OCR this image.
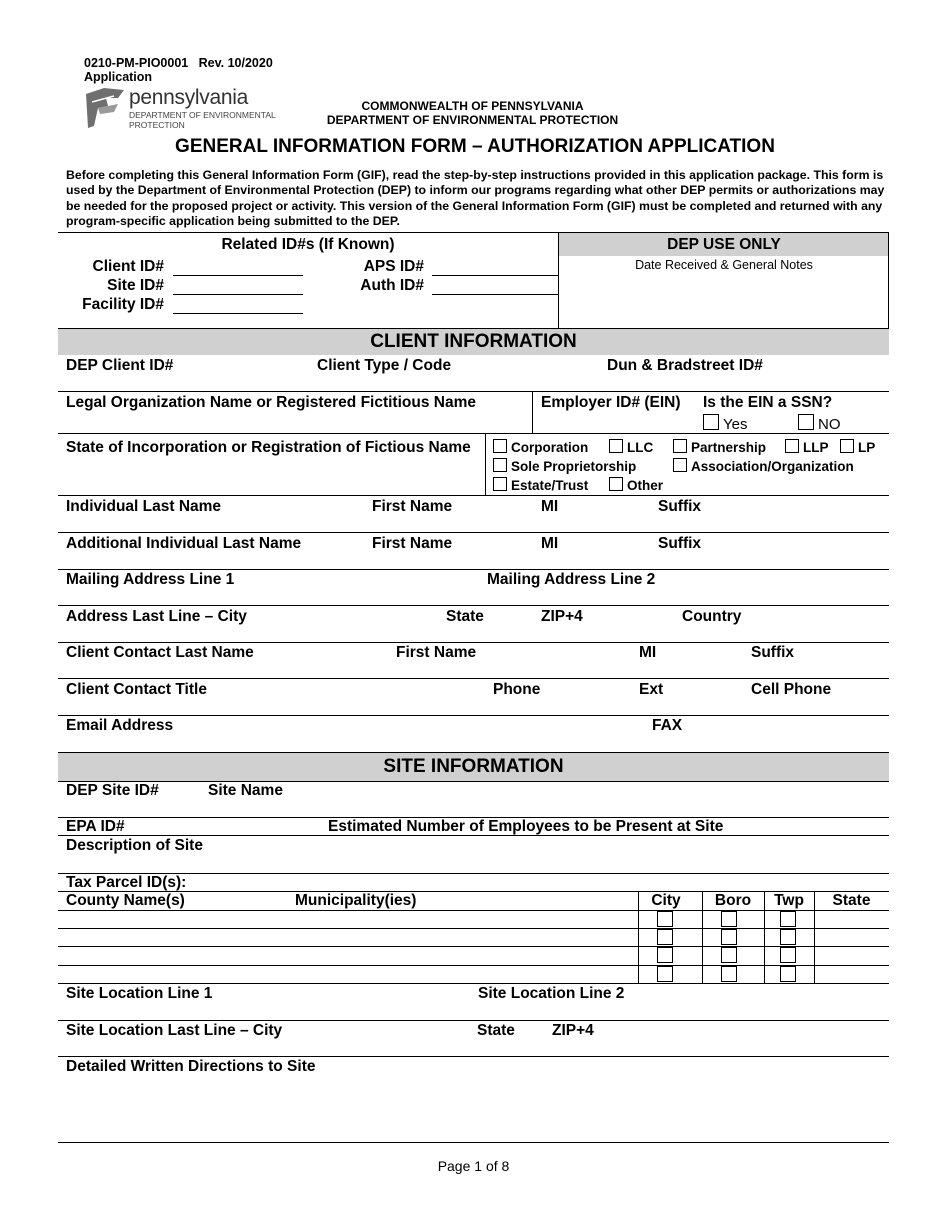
0210-PM-PIO0001 Rev. 10/2020
Application
pennsylvania
DEPARTMENT OF ENVIRONMENTAL
PROTECTION
COMMONWEALTH OF PENNSYLVANIA
DEPARTMENT OF ENVIRONMENTAL PROTECTION
GENERAL INFORMATION FORM – AUTHORIZATION APPLICATION
Before completing this General Information Form (GIF), read the step-by-step instructions provided in this application package. This form is used by the Department of Environmental Protection (DEP) to inform our programs regarding what other DEP permits or authorizations may be needed for the proposed project or activity. This version of the General Information Form (GIF) must be completed and returned with any program-specific application being submitted to the DEP.
DEP USE ONLY
Date Received & General Notes
Related ID#s (If Known)
Client ID#
Site ID#
Facility ID#
APS ID#
Auth ID#
CLIENT INFORMATION
DEP Client ID#	Client Type / Code	Dun & Bradstreet ID#
Legal Organization Name or Registered Fictitious Name	Employer ID# (EIN) Is the EIN a SSN?
Yes	NO
State of Incorporation or Registration of Fictious Name	Corporation	LLC	Partnership	LLP	LP
Sole Proprietorship	Association/Organization
Estate/Trust	Other
Individual Last Name	First Name	MI	Suffix
Additional Individual Last Name	First Name	MI	Suffix
Mailing Address Line 1	Mailing Address Line 2
Address Last Line – City	State	ZIP+4	Country
Client Contact Last Name	First Name	MI	Suffix
Client Contact Title	Phone	Ext	Cell Phone
Email Address	FAX
SITE INFORMATION
DEP Site ID#	Site Name
EPA ID#	Estimated Number of Employees to be Present at Site
Description of Site
Tax Parcel ID(s):
County Name(s)	Municipality(ies)	City	Boro	Twp	State
Site Location Line 1	Site Location Line 2
Site Location Last Line – City	State ZIP+4
Detailed Written Directions to Site
Page 1 of 8
